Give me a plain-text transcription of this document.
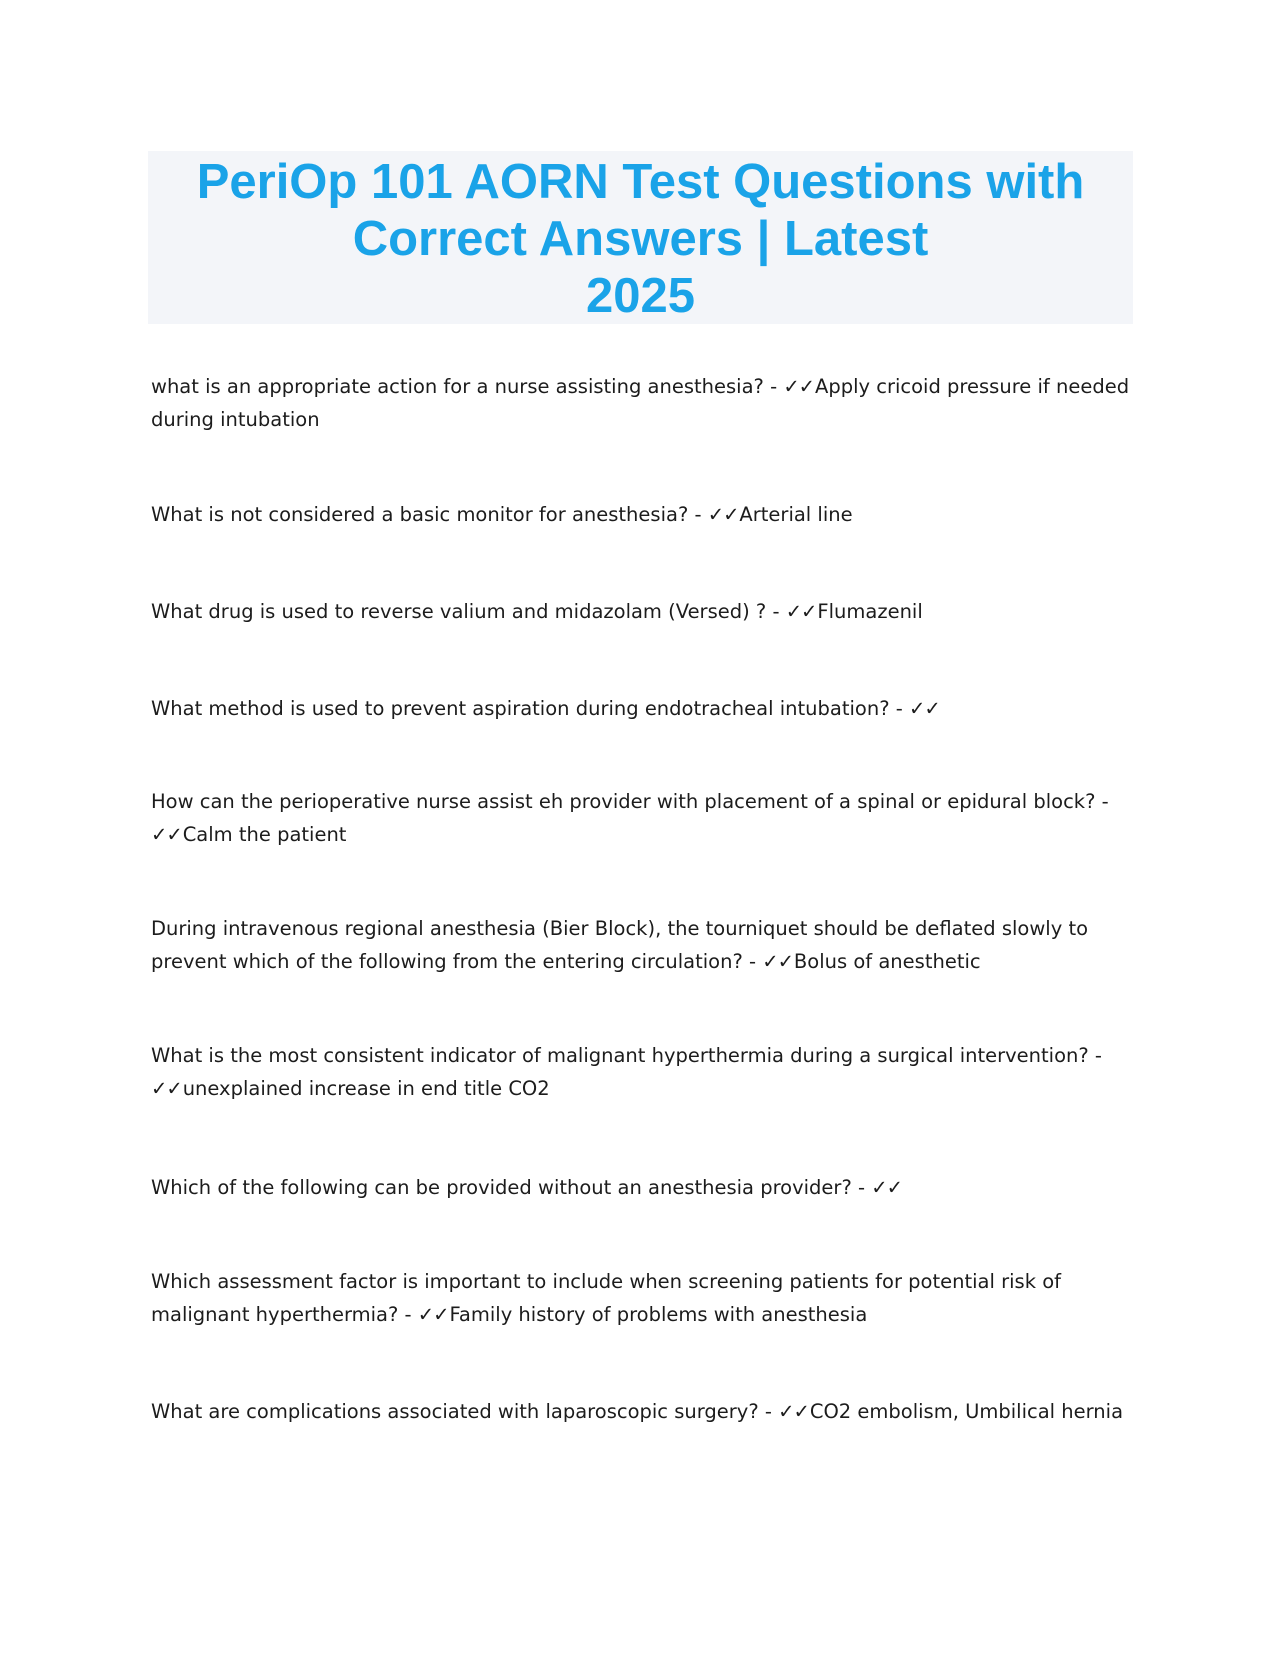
PeriOp 101 AORN Test Questions with
Correct Answers | Latest
2025

what is an appropriate action for a nurse assisting anesthesia? - ✓✓Apply cricoid pressure if needed during intubation

What is not considered a basic monitor for anesthesia? - ✓✓Arterial line

What drug is used to reverse valium and midazolam (Versed) ? - ✓✓Flumazenil

What method is used to prevent aspiration during endotracheal intubation? - ✓✓

How can the perioperative nurse assist eh provider with placement of a spinal or epidural block? - ✓✓Calm the patient

During intravenous regional anesthesia (Bier Block), the tourniquet should be deflated slowly to prevent which of the following from the entering circulation? - ✓✓Bolus of anesthetic

What is the most consistent indicator of malignant hyperthermia during a surgical intervention? - ✓✓unexplained increase in end title CO2

Which of the following can be provided without an anesthesia provider? - ✓✓

Which assessment factor is important to include when screening patients for potential risk of malignant hyperthermia? - ✓✓Family history of problems with anesthesia

What are complications associated with laparoscopic surgery? - ✓✓CO2 embolism, Umbilical hernia
